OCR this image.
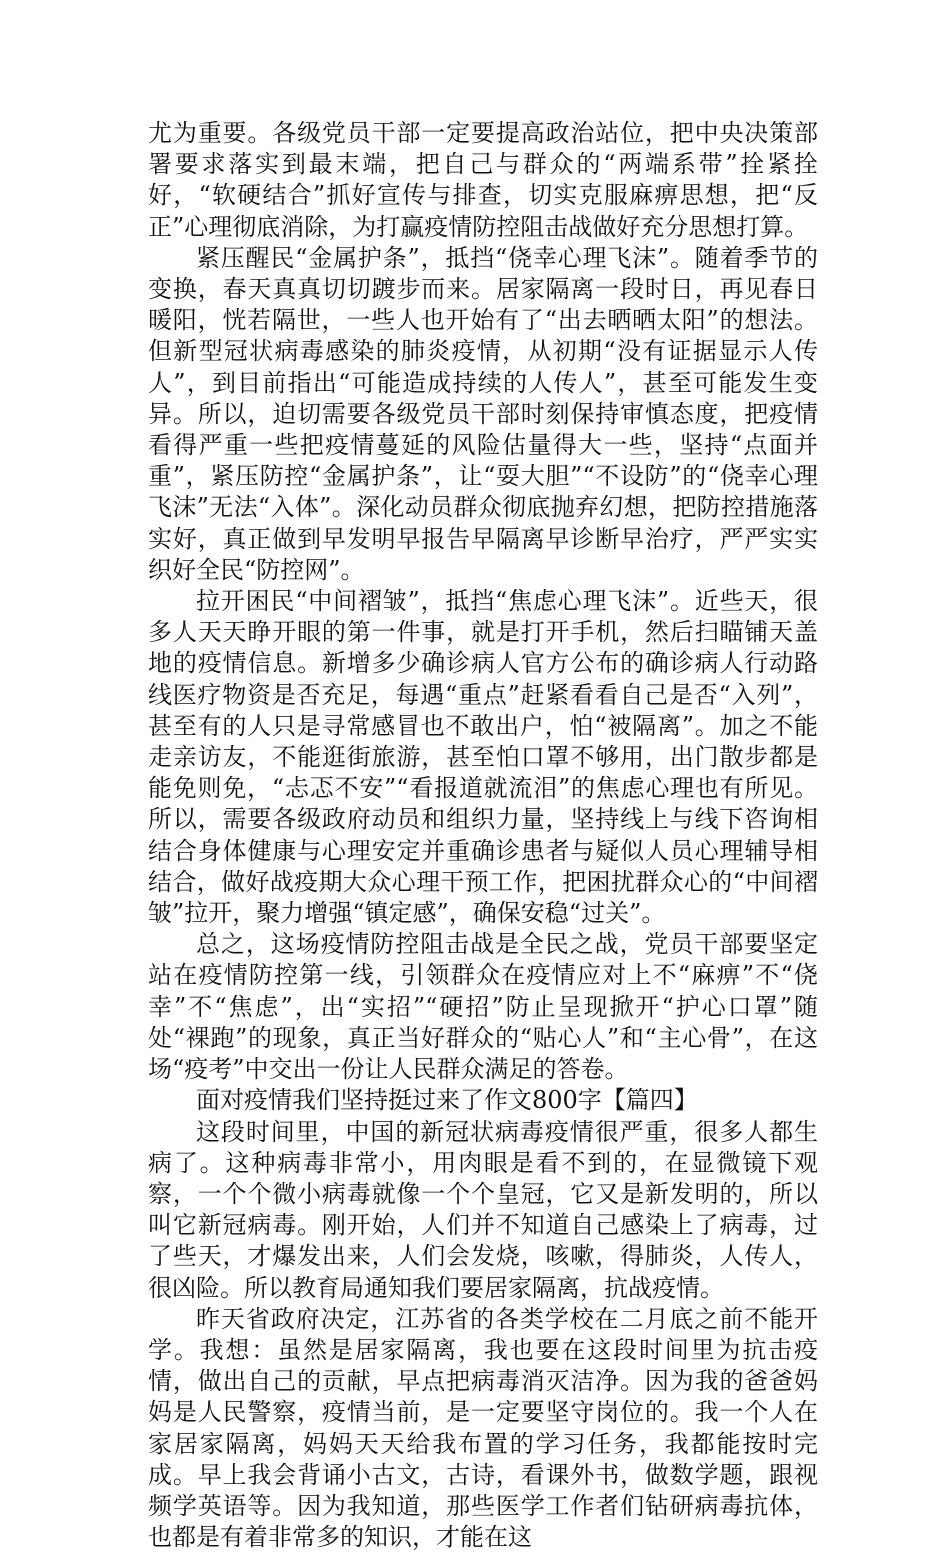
尤为重要。各级党员干部一定要提高政治站位，把中央决策部署要求落实到最末端，把自己与群众的“两端系带”拴紧拴好，“软硬结合”抓好宣传与排查，切实克服麻痹思想，把“反正”心理彻底消除，为打赢疫情防控阻击战做好充分思想打算。

紧压醒民“金属护条”，抵挡“侥幸心理飞沫”。随着季节的变换，春天真真切切踱步而来。居家隔离一段时日，再见春日暖阳，恍若隔世，一些人也开始有了“出去晒晒太阳”的想法。但新型冠状病毒感染的肺炎疫情，从初期“没有证据显示人传人”，到目前指出“可能造成持续的人传人”，甚至可能发生变异。所以，迫切需要各级党员干部时刻保持审慎态度，把疫情看得严重一些把疫情蔓延的风险估量得大一些，坚持“点面并重”，紧压防控“金属护条”，让“耍大胆”“不设防”的“侥幸心理飞沫”无法“入体”。深化动员群众彻底抛弃幻想，把防控措施落实好，真正做到早发明早报告早隔离早诊断早治疗，严严实实织好全民“防控网”。

拉开困民“中间褶皱”，抵挡“焦虑心理飞沫”。近些天，很多人天天睁开眼的第一件事，就是打开手机，然后扫瞄铺天盖地的疫情信息。新增多少确诊病人官方公布的确诊病人行动路线医疗物资是否充足，每遇“重点”赶紧看看自己是否“入列”，甚至有的人只是寻常感冒也不敢出户，怕“被隔离”。加之不能走亲访友，不能逛街旅游，甚至怕口罩不够用，出门散步都是能免则免，“忐忑不安”“看报道就流泪”的焦虑心理也有所见。所以，需要各级政府动员和组织力量，坚持线上与线下咨询相结合身体健康与心理安定并重确诊患者与疑似人员心理辅导相结合，做好战疫期大众心理干预工作，把困扰群众心的“中间褶皱”拉开，聚力增强“镇定感”，确保安稳“过关”。

总之，这场疫情防控阻击战是全民之战，党员干部要坚定站在疫情防控第一线，引领群众在疫情应对上不“麻痹”不“侥幸”不“焦虑”，出“实招”“硬招”防止呈现掀开“护心口罩”随处“裸跑”的现象，真正当好群众的“贴心人”和“主心骨”，在这场“疫考”中交出一份让人民群众满足的答卷。

面对疫情我们坚持挺过来了作文800字【篇四】

这段时间里，中国的新冠状病毒疫情很严重，很多人都生病了。这种病毒非常小，用肉眼是看不到的，在显微镜下观察，一个个微小病毒就像一个个皇冠，它又是新发明的，所以叫它新冠病毒。刚开始，人们并不知道自己感染上了病毒，过了些天，才爆发出来，人们会发烧，咳嗽，得肺炎，人传人，很凶险。所以教育局通知我们要居家隔离，抗战疫情。

昨天省政府决定，江苏省的各类学校在二月底之前不能开学。我想：虽然是居家隔离，我也要在这段时间里为抗击疫情，做出自己的贡献，早点把病毒消灭洁净。因为我的爸爸妈妈是人民警察，疫情当前，是一定要坚守岗位的。我一个人在家居家隔离，妈妈天天给我布置的学习任务，我都能按时完成。早上我会背诵小古文，古诗，看课外书，做数学题，跟视频学英语等。因为我知道，那些医学工作者们钻研病毒抗体，也都是有着非常多的知识，才能在这
